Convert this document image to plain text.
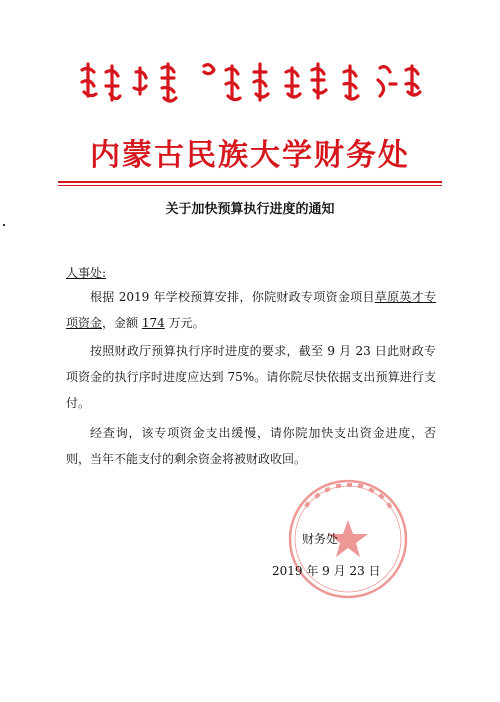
内蒙古民族大学财务处
关于加快预算执行进度的通知

人事处:

根据 2019 年学校预算安排，你院财政专项资金项目草原英才专项资金，金额 174 万元。

按照财政厅预算执行序时进度的要求，截至 9 月 23 日此财政专项资金的执行序时进度应达到 75%。请你院尽快依据支出预算进行支付。

经查询，该专项资金支出缓慢，请你院加快支出资金进度，否则，当年不能支付的剩余资金将被财政收回。

财务处

2019 年 9 月 23 日
